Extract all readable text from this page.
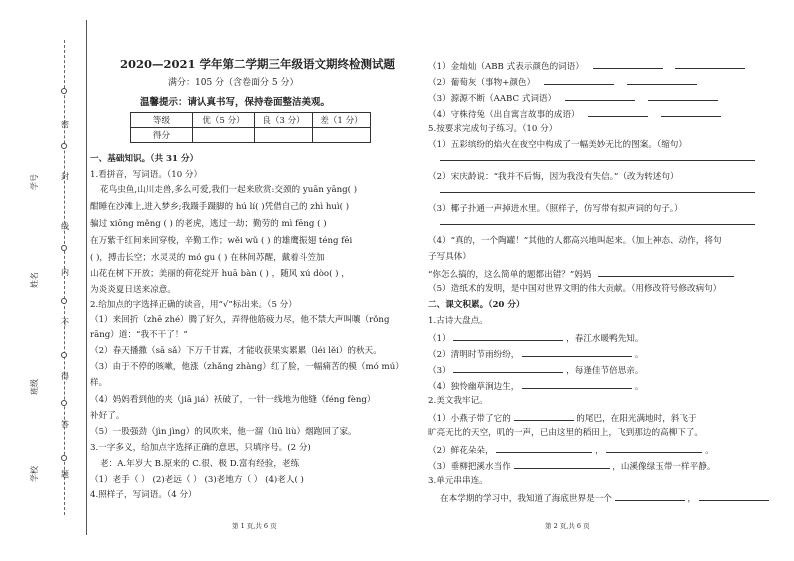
学号
姓名
班级
学校
密
封
线
内
不
得
答
题
2020—2021 学年第二学期三年级语文期终检测试题
满分：105 分（含卷面分 5 分）
温馨提示：请认真书写，保持卷面整洁美观。
等级	优（5 分）	良（3 分）	差（1 分）
得分			
一、基础知识。（共 31 分）
1.看拼音，写词语。（10 分）
花鸟虫鱼,山川走兽,多么可爱,我们一起来欣赏:交颈的 yuān yāng( )
酣睡在沙滩上,进入梦乡;我蹑手蹑脚的 hú lí( )凭借自己的 zhì huì( )
骗过 xiōng měng ( ) 的老虎，逃过一劫；勤劳的 mì fēng ( )
在万紫千红间来回穿梭，辛勤工作；wěi wǔ ( ) 的雄鹰振翅 téng fēi
( )，搏击长空；水灵灵的 mó gu ( ) 在林间苏醒，戴着斗笠加
山花在树下开放；美丽的荷花绽开 huā bàn ( ) ，随风 xú dòo( ) ，
为炎炎夏日送来凉意。
2.给加点的字选择正确的读音，用“√”标出来。（5 分）
（1）来回折（zhē zhé）腾了好久，弄得他筋疲力尽，他不禁大声叫嚷（rǒng
rāng）道：“我不干了！”
（2）春天播撒（sā sǎ）下万千甘霖，才能收获果实累累（léi lěi）的秋天。
（3）由于不停的咳嗽，他涨（zhǎng zhàng）红了脸，一幅痛苦的模（mó mú）
样。
（4）妈妈看到他的夹（jiā jiá）袄破了，一针一线地为他缝（féng fèng）
补好了。
（5）一股强劲（jìn jìng）的风吹来，他一溜（liū liù）烟跑回了家。
3.一字多义，给加点字选择正确的意思，只填序号。(2 分)
老：A.年岁大 B.原来的 C.很、极 D.富有经验，老练
（1）老手（ ） (2)老远（ ） (3)老地方（ ） (4)老人( )
4.照样子，写词语。（4 分）
第 1 页,共 6 页
（1）金灿灿（ABB 式表示颜色的词语）
（2）葡萄灰（事物+颜色）
（3）源源不断（AABC 式词语）
（4）守株待兔（出自寓言故事的成语）
5.按要求完成句子练习。（10 分）
（1）五彩缤纷的焰火在夜空中构成了一幅美妙无比的图案。（缩句）
（2）宋庆龄说：“我并不后悔，因为我没有失信。”（改为转述句）
（3）椰子扑通一声掉进水里。（照样子，仿写带有拟声词的句子。）
（4）“真的，一个陶罐！”其他的人都高兴地叫起来。（加上神态、动作，将句
子写具体）
“你怎么搞的，这么简单的题都出错？”妈妈
（5）造纸术的发明，是中国对世界文明的伟大贡献。（用修改符号修改病句）
二、课文积累。（20 分）
1.古诗大盘点。
（1）	，春江水暖鸭先知。
（2）清明时节雨纷纷，	。
（3）	，每逢佳节倍思亲。
（4）独怜幽草涧边生，	。
2.美文我牢记。
（1）小燕子带了它的	的尾巴，在阳光满地时，斜飞于
旷亮无比的天空，叽的一声，已由这里的稻田上，飞到那边的高柳下了。
（2）鲜花朵朵，	，	。
（3）垂柳把溪水当作	，山溪像绿玉带一样平静。
3.单元串串连。
在本学期的学习中，我知道了海底世界是一个	，
第 2 页,共 6 页
